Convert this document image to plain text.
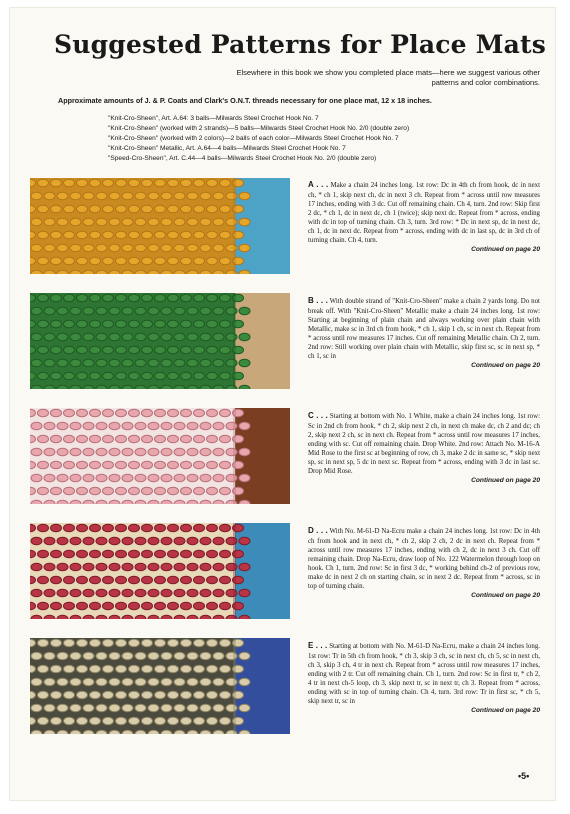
Suggested Patterns for Place Mats
Elsewhere in this book we show you completed place mats—here we suggest various other patterns and color combinations.
Approximate amounts of J. & P. Coats and Clark's O.N.T. threads necessary for one place mat, 12 x 18 inches.
"Knit-Cro-Sheen", Art. A.64: 3 balls—Milwards Steel Crochet Hook No. 7
"Knit-Cro-Sheen" (worked with 2 strands)—5 balls—Milwards Steel Crochet Hook No. 2/0 (double zero)
"Knit-Cro-Sheen" (worked with 2 colors)—2 balls of each color—Milwards Steel Crochet Hook No. 7
"Knit-Cro-Sheen" Metallic, Art. A.64—4 balls—Milwards Steel Crochet Hook No. 7
"Speed-Cro-Sheen", Art. C.44—4 balls—Milwards Steel Crochet Hook No. 2/0 (double zero)
A . . . Make a chain 24 inches long. 1st row: Dc in 4th ch from hook, dc in next ch, * ch 1, skip next ch, dc in next 3 ch. Repeat from * across until row measures 17 inches, ending with 3 dc. Cut off remaining chain. Ch 4, turn. 2nd row: Skip first 2 dc, * ch 1, dc in next dc, ch 1 (twice); skip next dc. Repeat from * across, ending with dc in top of turning chain. Ch 3, turn. 3rd row: * Dc in next sp, dc in next dc, ch 1, dc in next dc. Repeat from * across, ending with dc in last sp, dc in 3rd ch of turning chain. Ch 4, turn.
Continued on page 20
B . . . With double strand of "Knit-Cro-Sheen" make a chain 2 yards long. Do not break off. With "Knit-Cro-Sheen" Metallic make a chain 24 inches long. 1st row: Starting at beginning of plain chain and always working over plain chain with Metallic, make sc in 3rd ch from hook, * ch 1, skip 1 ch, sc in next ch. Repeat from * across until row measures 17 inches. Cut off remaining Metallic chain. Ch 2, turn. 2nd row: Still working over plain chain with Metallic, skip first sc, sc in next sp, * ch 1, sc in
Continued on page 20
C . . . Starting at bottom with No. 1 White, make a chain 24 inches long. 1st row: Sc in 2nd ch from hook, * ch 2, skip next 2 ch, in next ch make dc, ch 2 and dc; ch 2, skip next 2 ch, sc in next ch. Repeat from * across until row measures 17 inches, ending with sc. Cut off remaining chain. Drop White. 2nd row: Attach No. M-16-A Mid Rose to the first sc at beginning of row, ch 3, make 2 dc in same sc, * skip next sp, sc in next sp, 5 dc in next sc. Repeat from * across, ending with 3 dc in last sc. Drop Mid Rose.
Continued on page 20
D . . . With No. M-61-D Na-Ecru make a chain 24 inches long. 1st row: Dc in 4th ch from hook and in next ch, * ch 2, skip 2 ch, 2 dc in next ch. Repeat from * across until row measures 17 inches, ending with ch 2, dc in next 3 ch. Cut off remaining chain. Drop Na-Ecru, draw loop of No. 122 Watermelon through loop on hook. Ch 1, turn. 2nd row: Sc in first 3 dc, * working behind ch-2 of previous row, make dc in next 2 ch on starting chain, sc in next 2 dc. Repeat from * across, sc in top of turning chain.
Continued on page 20
E . . . Starting at bottom with No. M-61-D Na-Ecru, make a chain 24 inches long. 1st row: Tr in 5th ch from hook, * ch 3, skip 3 ch, sc in next ch, ch 5, sc in next ch, ch 3, skip 3 ch, 4 tr in next ch. Repeat from * across until row measures 17 inches, ending with 2 tr. Cut off remaining chain. Ch 1, turn. 2nd row: Sc in first tr, * ch 2, 4 tr in next ch-5 loop, ch 3, skip next tr, sc in next tr, ch 3. Repeat from * across, ending with sc in top of turning chain. Ch 4, turn. 3rd row: Tr in first sc, * ch 5, skip next tr, sc in
Continued on page 20
•5•
